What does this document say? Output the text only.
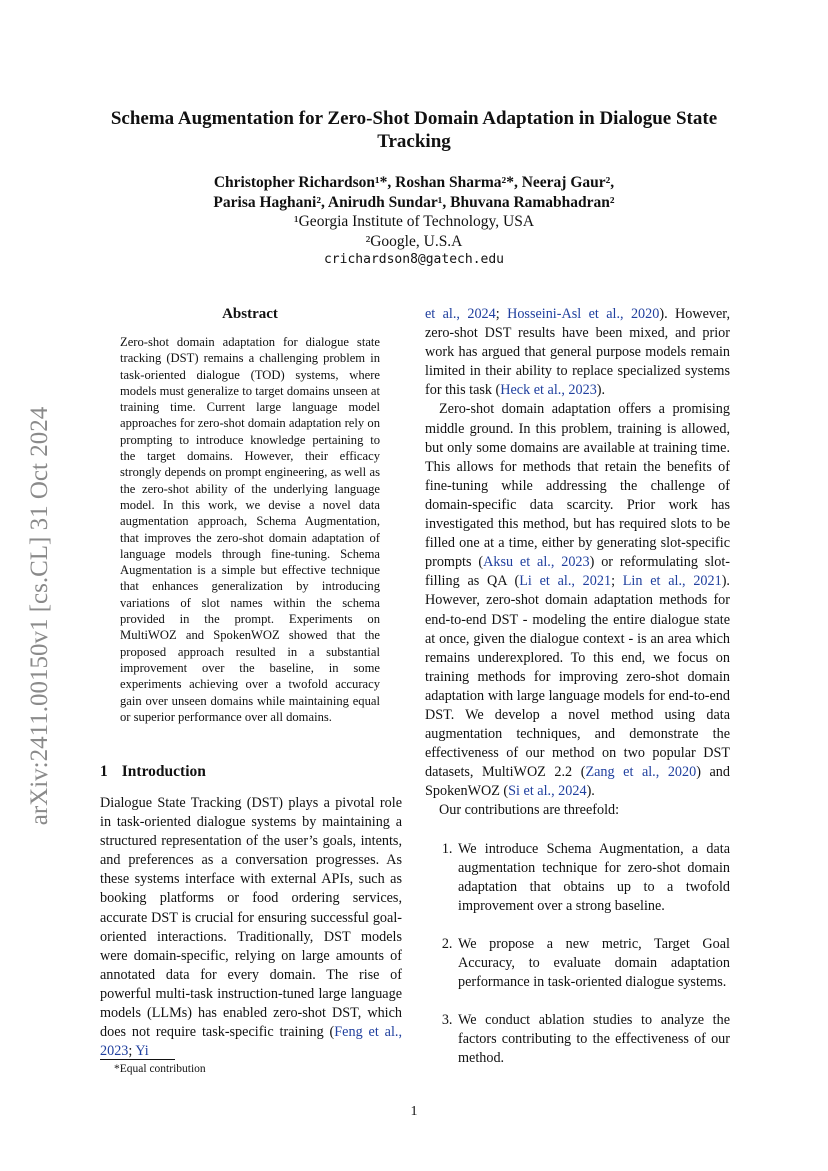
Schema Augmentation for Zero-Shot Domain Adaptation in Dialogue State Tracking
Christopher Richardson¹*, Roshan Sharma²*, Neeraj Gaur²,
Parisa Haghani², Anirudh Sundar¹, Bhuvana Ramabhadran²
¹Georgia Institute of Technology, USA
²Google, U.S.A
crichardson8@gatech.edu
arXiv:2411.00150v1 [cs.CL] 31 Oct 2024
Abstract
Zero-shot domain adaptation for dialogue state tracking (DST) remains a challenging problem in task-oriented dialogue (TOD) systems, where models must generalize to target domains unseen at training time. Current large language model approaches for zero-shot domain adaptation rely on prompting to introduce knowledge pertaining to the target domains. However, their efficacy strongly depends on prompt engineering, as well as the zero-shot ability of the underlying language model. In this work, we devise a novel data augmentation approach, Schema Augmentation, that improves the zero-shot domain adaptation of language models through fine-tuning. Schema Augmentation is a simple but effective technique that enhances generalization by introducing variations of slot names within the schema provided in the prompt. Experiments on MultiWOZ and SpokenWOZ showed that the proposed approach resulted in a substantial improvement over the baseline, in some experiments achieving over a twofold accuracy gain over unseen domains while maintaining equal or superior performance over all domains.
1 Introduction
Dialogue State Tracking (DST) plays a pivotal role in task-oriented dialogue systems by maintaining a structured representation of the user’s goals, intents, and preferences as a conversation progresses. As these systems interface with external APIs, such as booking platforms or food ordering services, accurate DST is crucial for ensuring successful goal-oriented interactions. Traditionally, DST models were domain-specific, relying on large amounts of annotated data for every domain. The rise of powerful multi-task instruction-tuned large language models (LLMs) has enabled zero-shot DST, which does not require task-specific training (Feng et al., 2023; Yi

et al., 2024; Hosseini-Asl et al., 2020). However, zero-shot DST results have been mixed, and prior work has argued that general purpose models remain limited in their ability to replace specialized systems for this task (Heck et al., 2023).

Zero-shot domain adaptation offers a promising middle ground. In this problem, training is allowed, but only some domains are available at training time. This allows for methods that retain the benefits of fine-tuning while addressing the challenge of domain-specific data scarcity. Prior work has investigated this method, but has required slots to be filled one at a time, either by generating slot-specific prompts (Aksu et al., 2023) or reformulating slot-filling as QA (Li et al., 2021; Lin et al., 2021). However, zero-shot domain adaptation methods for end-to-end DST - modeling the entire dialogue state at once, given the dialogue context - is an area which remains underexplored. To this end, we focus on training methods for improving zero-shot domain adaptation with large language models for end-to-end DST. We develop a novel method using data augmentation techniques, and demonstrate the effectiveness of our method on two popular DST datasets, MultiWOZ 2.2 (Zang et al., 2020) and SpokenWOZ (Si et al., 2024).

Our contributions are threefold:

1. We introduce Schema Augmentation, a data augmentation technique for zero-shot domain adaptation that obtains up to a twofold improvement over a strong baseline.
2. We propose a new metric, Target Goal Accuracy, to evaluate domain adaptation performance in task-oriented dialogue systems.
3. We conduct ablation studies to analyze the factors contributing to the effectiveness of our method.
*Equal contribution
1
